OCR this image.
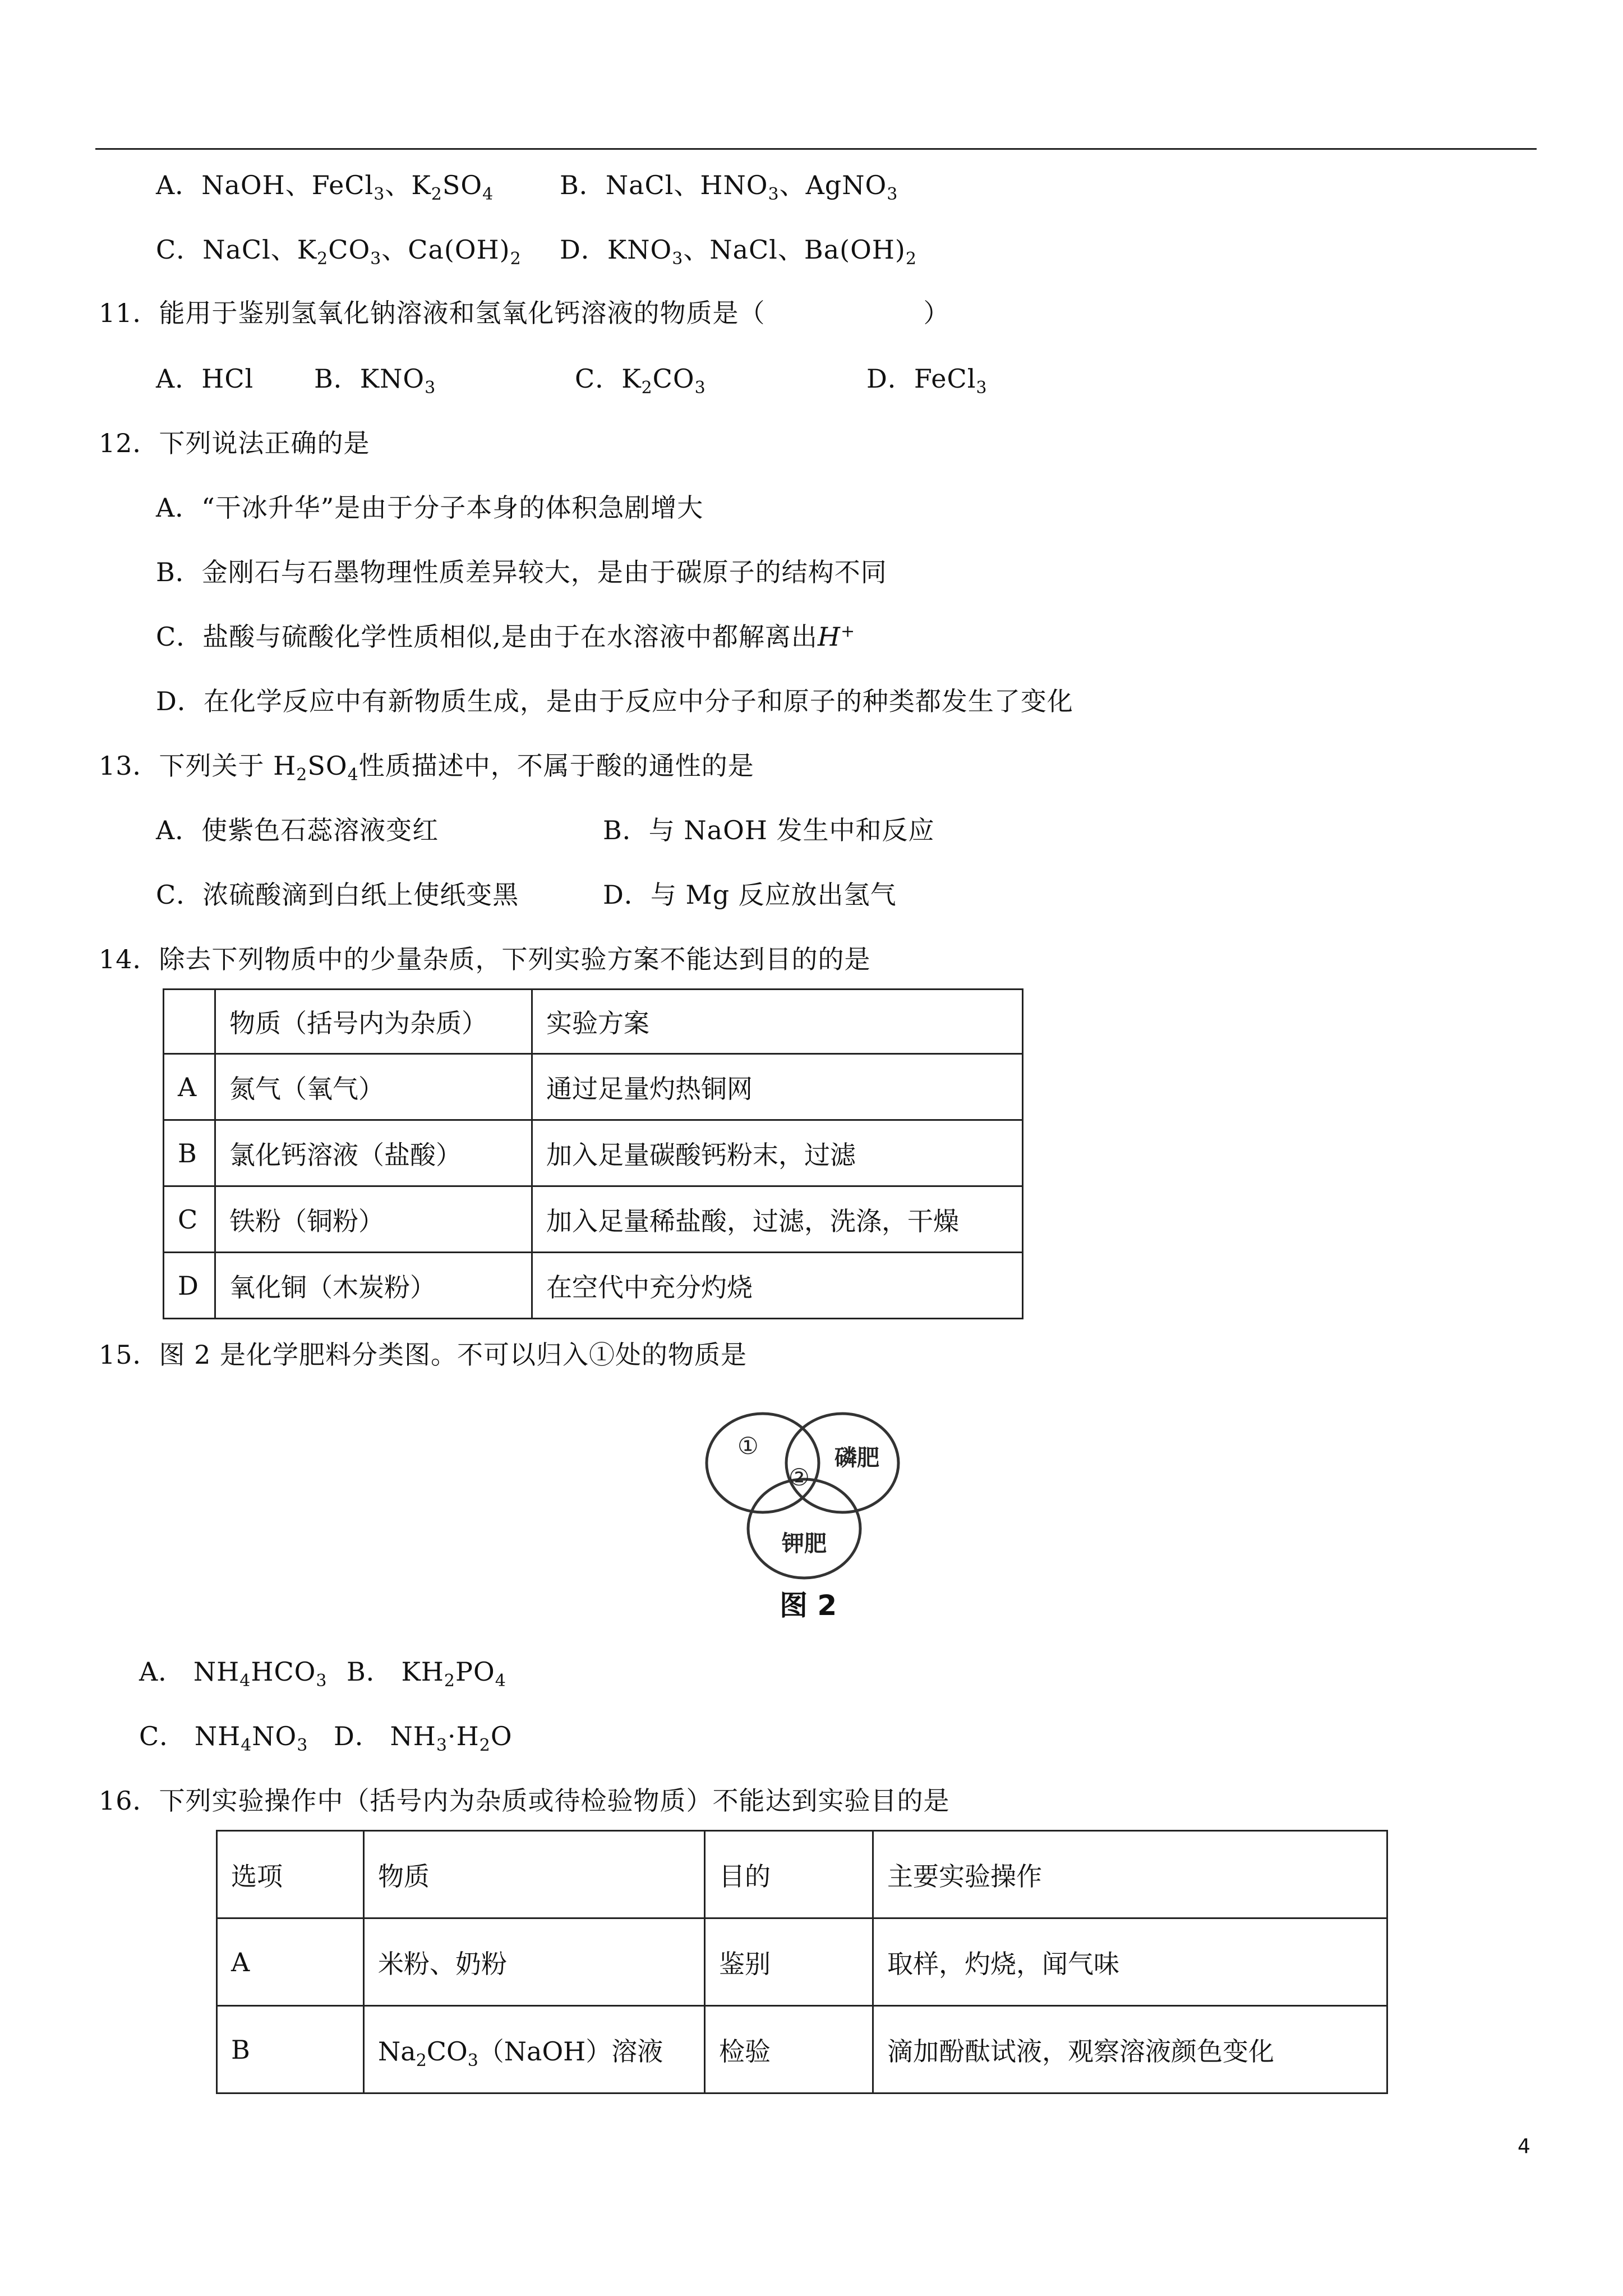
A．NaOH、FeCl$_3$、$K_2SO_4$	B．NaCl、$HNO_3$、AgNO$_3$
C．NaCl、$K_2CO_3$、$Ca(OH)_2$ D．$KNO_3$、NaCl、$Ba(OH)_2$
11．能用于鉴别氢氧化钠溶液和氢氧化钙溶液的物质是（　　　　　　）
A．HCl B．$KNO_3$	C．$K_2CO_3$	D．FeCl$_3$
12．下列说法正确的是
A．“干冰升华”是由于分子本身的体积急剧增大
B．金刚石与石墨物理性质差异较大，是由于碳原子的结构不同
C．盐酸与硫酸化学性质相似,是由于在水溶液中都解离出H+
D．在化学反应中有新物质生成，是由于反应中分子和原子的种类都发生了变化
13．下列关于 $H_2SO_4$性质描述中，不属于酸的通性的是
A．使紫色石蕊溶液变红	B．与 NaOH 发生中和反应
C．浓硫酸滴到白纸上使纸变黑	D．与 Mg 反应放出氢气
14．除去下列物质中的少量杂质，下列实验方案不能达到目的的是
	物质（括号内为杂质）	实验方案
A	氮气（氧气）	通过足量灼热铜网
B	氯化钙溶液（盐酸）	加入足量碳酸钙粉末，过滤
C	铁粉（铜粉）	加入足量稀盐酸，过滤，洗涤，干燥
D	氧化铜（木炭粉）	在空代中充分灼烧
15．图 2 是化学肥料分类图。不可以归入①处的物质是
①
②
磷肥
钾肥
图 2
A． $NH_4HCO_3$ B． $KH_2PO_4$
C． $NH_4NO_3$ D． $NH_3\cdot H_2O$
16．下列实验操作中（括号内为杂质或待检验物质）不能达到实验目的是
选项	物质	目的	主要实验操作
A	米粉、奶粉	鉴别	取样，灼烧，闻气味
B	$Na_2CO_3(NaOH)$溶液	检验	滴加酚酞试液，观察溶液颜色变化
4
